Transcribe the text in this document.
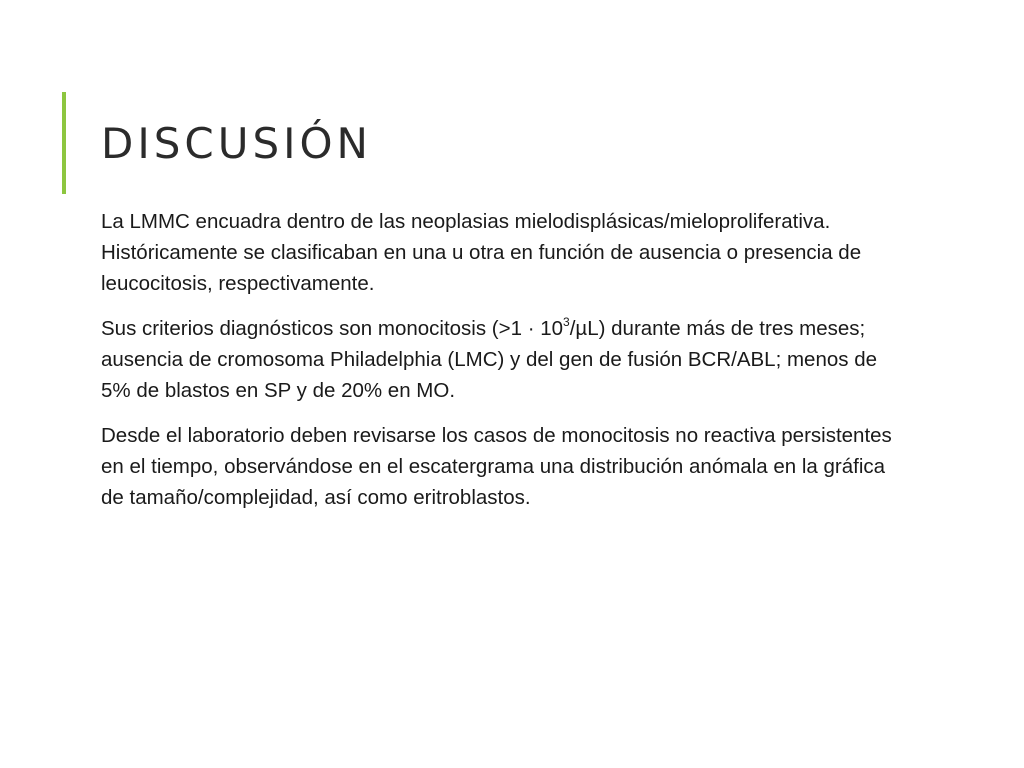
DISCUSIÓN

La LMMC encuadra dentro de las neoplasias mielodisplásicas/mieloproliferativa. Históricamente se clasificaban en una u otra en función de ausencia o presencia de leucocitosis, respectivamente.

Sus criterios diagnósticos son monocitosis $(>1 \cdot 10^3/\mu L)$ durante más de tres meses; ausencia de cromosoma Philadelphia (LMC) y del gen de fusión BCR/ABL; menos de 5% de blastos en SP y de 20% en MO.

Desde el laboratorio deben revisarse los casos de monocitosis no reactiva persistentes en el tiempo, observándose en el escatergrama una distribución anómala en la gráfica de tamaño/complejidad, así como eritroblastos.
